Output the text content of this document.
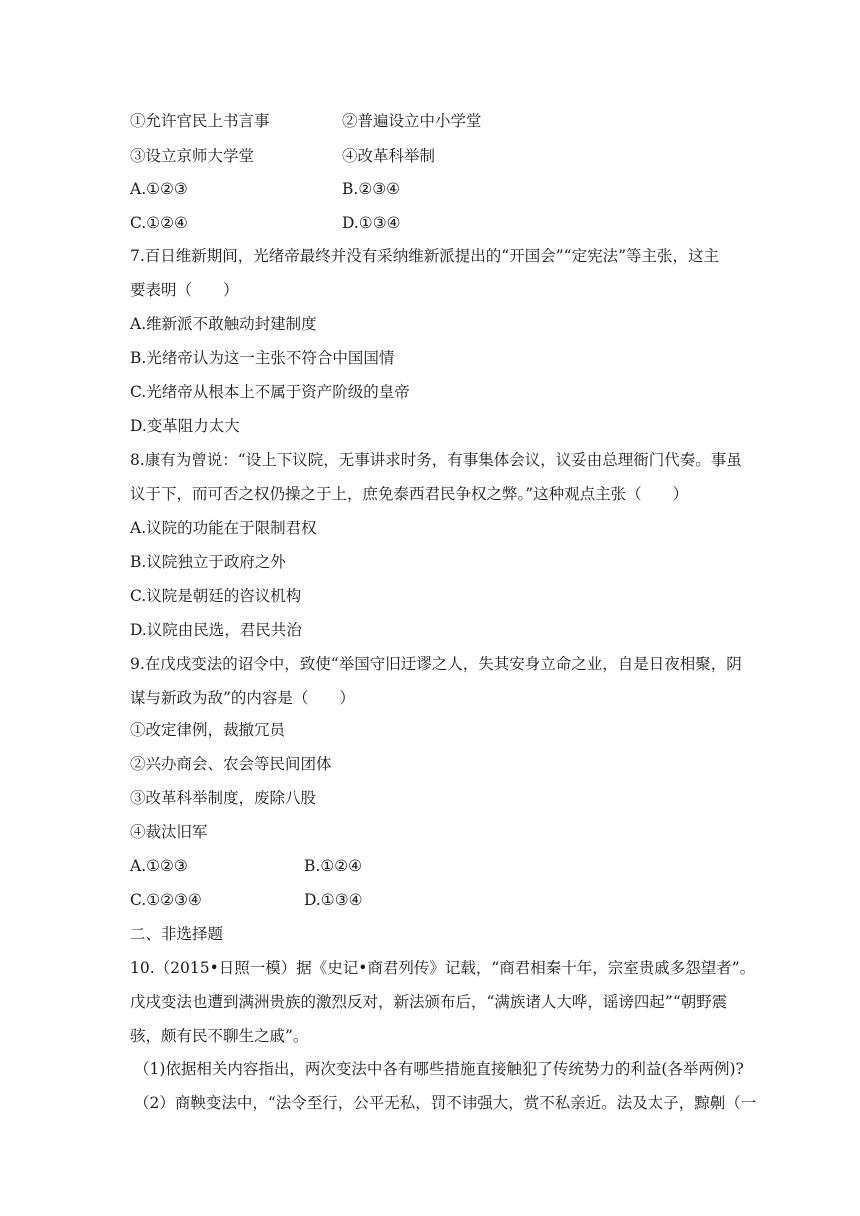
①允许官民上书言事	②普遍设立中小学堂
③设立京师大学堂	④改革科举制
A.①②③	B.②③④
C.①②④	D.①③④
7.百日维新期间，光绪帝最终并没有采纳维新派提出的“开国会”“定宪法”等主张，这主
要表明（　　）
A.维新派不敢触动封建制度
B.光绪帝认为这一主张不符合中国国情
C.光绪帝从根本上不属于资产阶级的皇帝
D.变革阻力太大
8.康有为曾说：“设上下议院，无事讲求时务，有事集体会议，议妥由总理衙门代奏。事虽
议于下，而可否之权仍操之于上，庶免泰西君民争权之弊。”这种观点主张（　　）
A.议院的功能在于限制君权
B.议院独立于政府之外
C.议院是朝廷的咨议机构
D.议院由民选，君民共治
9.在戊戌变法的诏令中，致使“举国守旧迂谬之人，失其安身立命之业，自是日夜相聚，阴
谋与新政为敌”的内容是（　　）
①改定律例，裁撤冗员
②兴办商会、农会等民间团体
③改革科举制度，废除八股
④裁汰旧军
A.①②③	B.①②④
C.①②③④	D.①③④
二、非选择题
10.（2015•日照一模）据《史记•商君列传》记载，“商君相秦十年，宗室贵戚多怨望者”。
戊戌变法也遭到满洲贵族的激烈反对，新法颁布后，“满族诸人大哗，谣谤四起”“朝野震
骇，颇有民不聊生之戚”。
（1)依据相关内容指出，两次变法中各有哪些措施直接触犯了传统势力的利益(各举两例)?
（2）商鞅变法中，“法令至行，公平无私，罚不讳强大，赏不私亲近。法及太子，黥劓（一
